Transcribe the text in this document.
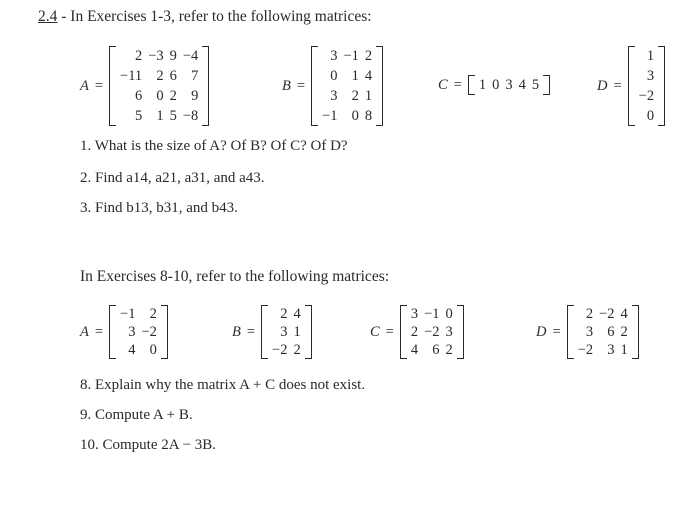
2.4 - In Exercises 1-3, refer to the following matrices:
A =
2	−3	9	−4
−11	2	6	7
6	0	2	9
5	1	5	−8
B =
3	−1	2
0	1	4
3	2	1
−1	0	8
C = 1	0	3	4	5	D =
1
3
−2
0
1. What is the size of A? Of B? Of C? Of D?
2. Find a14, a21, a31, and a43.
3. Find b13, b31, and b43.
In Exercises 8-10, refer to the following matrices:
A =
−1	2
3	−2
4	0
B =
2	4
3	1
−2	2
C =
3	−1	0
2	−2	3
4	6	2
D =
2	−2	4
3	6	2
−2	3	1
8. Explain why the matrix A + C does not exist.
9. Compute A + B.
10. Compute 2A − 3B.
